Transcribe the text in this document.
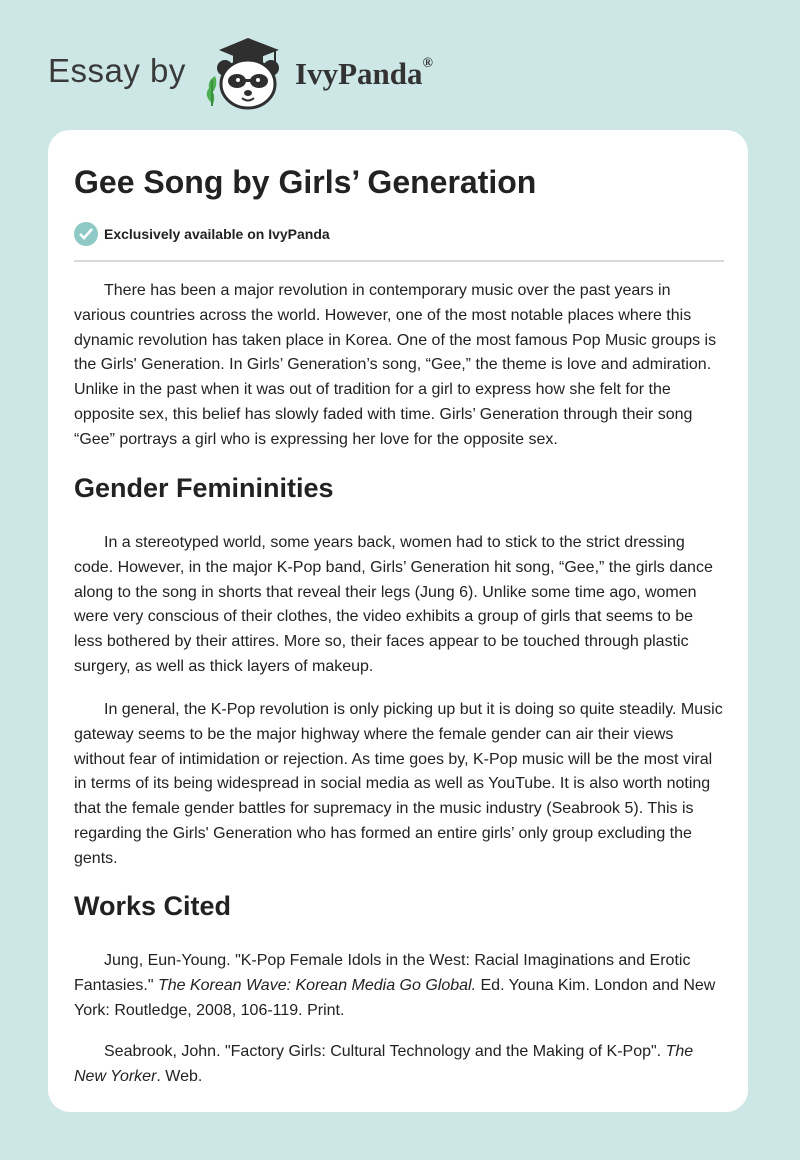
Essay by	IvyPanda®
Gee Song by Girls’ Generation
Exclusively available on IvyPanda

There has been a major revolution in contemporary music over the past years in various countries across the world. However, one of the most notable places where this dynamic revolution has taken place in Korea. One of the most famous Pop Music groups is the Girls' Generation. In Girls’ Generation’s song, “Gee,” the theme is love and admiration. Unlike in the past when it was out of tradition for a girl to express how she felt for the opposite sex, this belief has slowly faded with time. Girls’ Generation through their song “Gee” portrays a girl who is expressing her love for the opposite sex.

Gender Femininities

In a stereotyped world, some years back, women had to stick to the strict dressing code. However, in the major K-Pop band, Girls’ Generation hit song, “Gee,” the girls dance along to the song in shorts that reveal their legs (Jung 6). Unlike some time ago, women were very conscious of their clothes, the video exhibits a group of girls that seems to be less bothered by their attires. More so, their faces appear to be touched through plastic surgery, as well as thick layers of makeup.

In general, the K-Pop revolution is only picking up but it is doing so quite steadily. Music gateway seems to be the major highway where the female gender can air their views without fear of intimidation or rejection. As time goes by, K-Pop music will be the most viral in terms of its being widespread in social media as well as YouTube. It is also worth noting that the female gender battles for supremacy in the music industry (Seabrook 5). This is regarding the Girls' Generation who has formed an entire girls’ only group excluding the gents.

Works Cited

Jung, Eun-Young. "K-Pop Female Idols in the West: Racial Imaginations and Erotic Fantasies." The Korean Wave: Korean Media Go Global. Ed. Youna Kim. London and New York: Routledge, 2008, 106-119. Print.

Seabrook, John. "Factory Girls: Cultural Technology and the Making of K-Pop". The New Yorker. Web.
